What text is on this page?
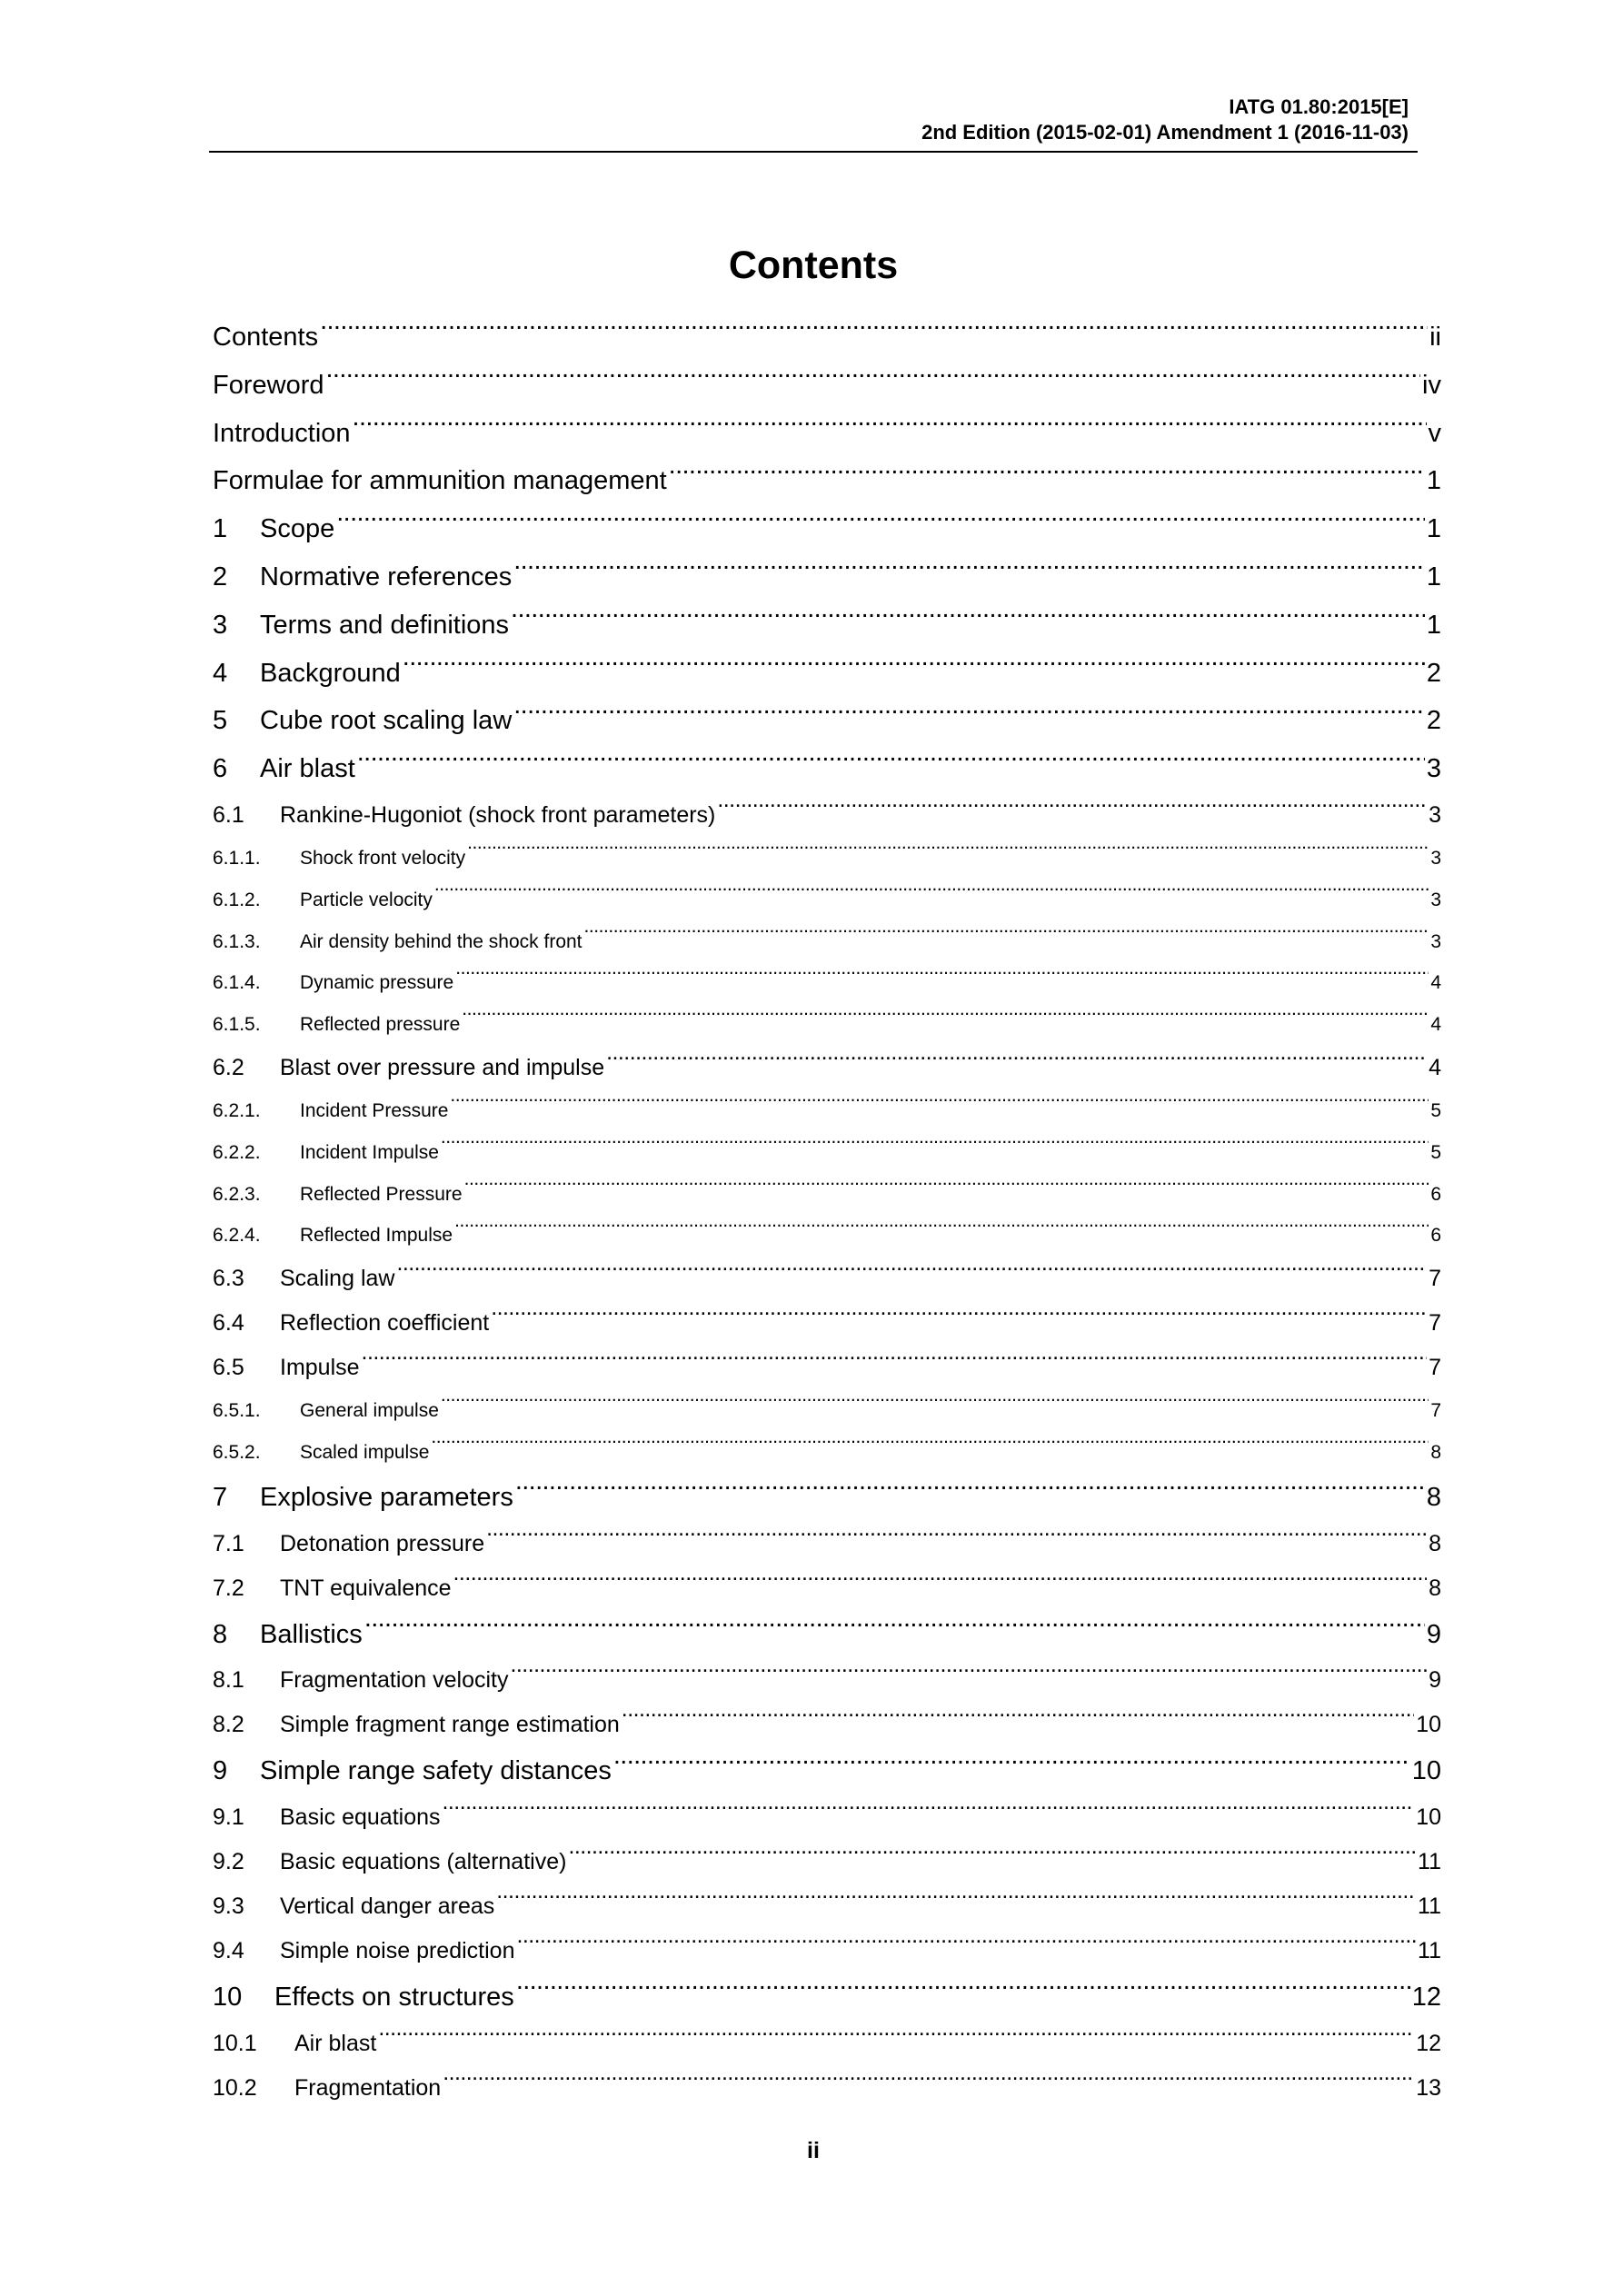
IATG 01.80:2015[E]
2nd Edition (2015-02-01) Amendment 1 (2016-11-03)
Contents
Contents . . .	ii
Foreword . . .	iv
Introduction . . .	v
Formulae for ammunition management . . .	1
1	Scope . . .	1
2	Normative references . . .	1
3	Terms and definitions . . .	1
4	Background . . .	2
5	Cube root scaling law . . .	2
6	Air blast . . .	3
6.1	Rankine-Hugoniot (shock front parameters) . . .	3
6.1.1.	Shock front velocity . . .	3
6.1.2.	Particle velocity . . .	3
6.1.3.	Air density behind the shock front . . .	3
6.1.4.	Dynamic pressure . . .	4
6.1.5.	Reflected pressure . . .	4
6.2	Blast over pressure and impulse . . .	4
6.2.1.	Incident Pressure . . .	5
6.2.2.	Incident Impulse . . .	5
6.2.3.	Reflected Pressure . . .	6
6.2.4.	Reflected Impulse . . .	6
6.3	Scaling law . . .	7
6.4	Reflection coefficient . . .	7
6.5	Impulse . . .	7
6.5.1.	General impulse . . .	7
6.5.2.	Scaled impulse . . .	8
7	Explosive parameters . . .	8
7.1	Detonation pressure . . .	8
7.2	TNT equivalence . . .	8
8	Ballistics . . .	9
8.1	Fragmentation velocity . . .	9
8.2	Simple fragment range estimation . . .	10
9	Simple range safety distances . . .	10
9.1	Basic equations . . .	10
9.2	Basic equations (alternative) . . .	11
9.3	Vertical danger areas . . .	11
9.4	Simple noise prediction . . .	11
10	Effects on structures . . .	12
10.1	Air blast . . .	12
10.2	Fragmentation . . .	13
ii
